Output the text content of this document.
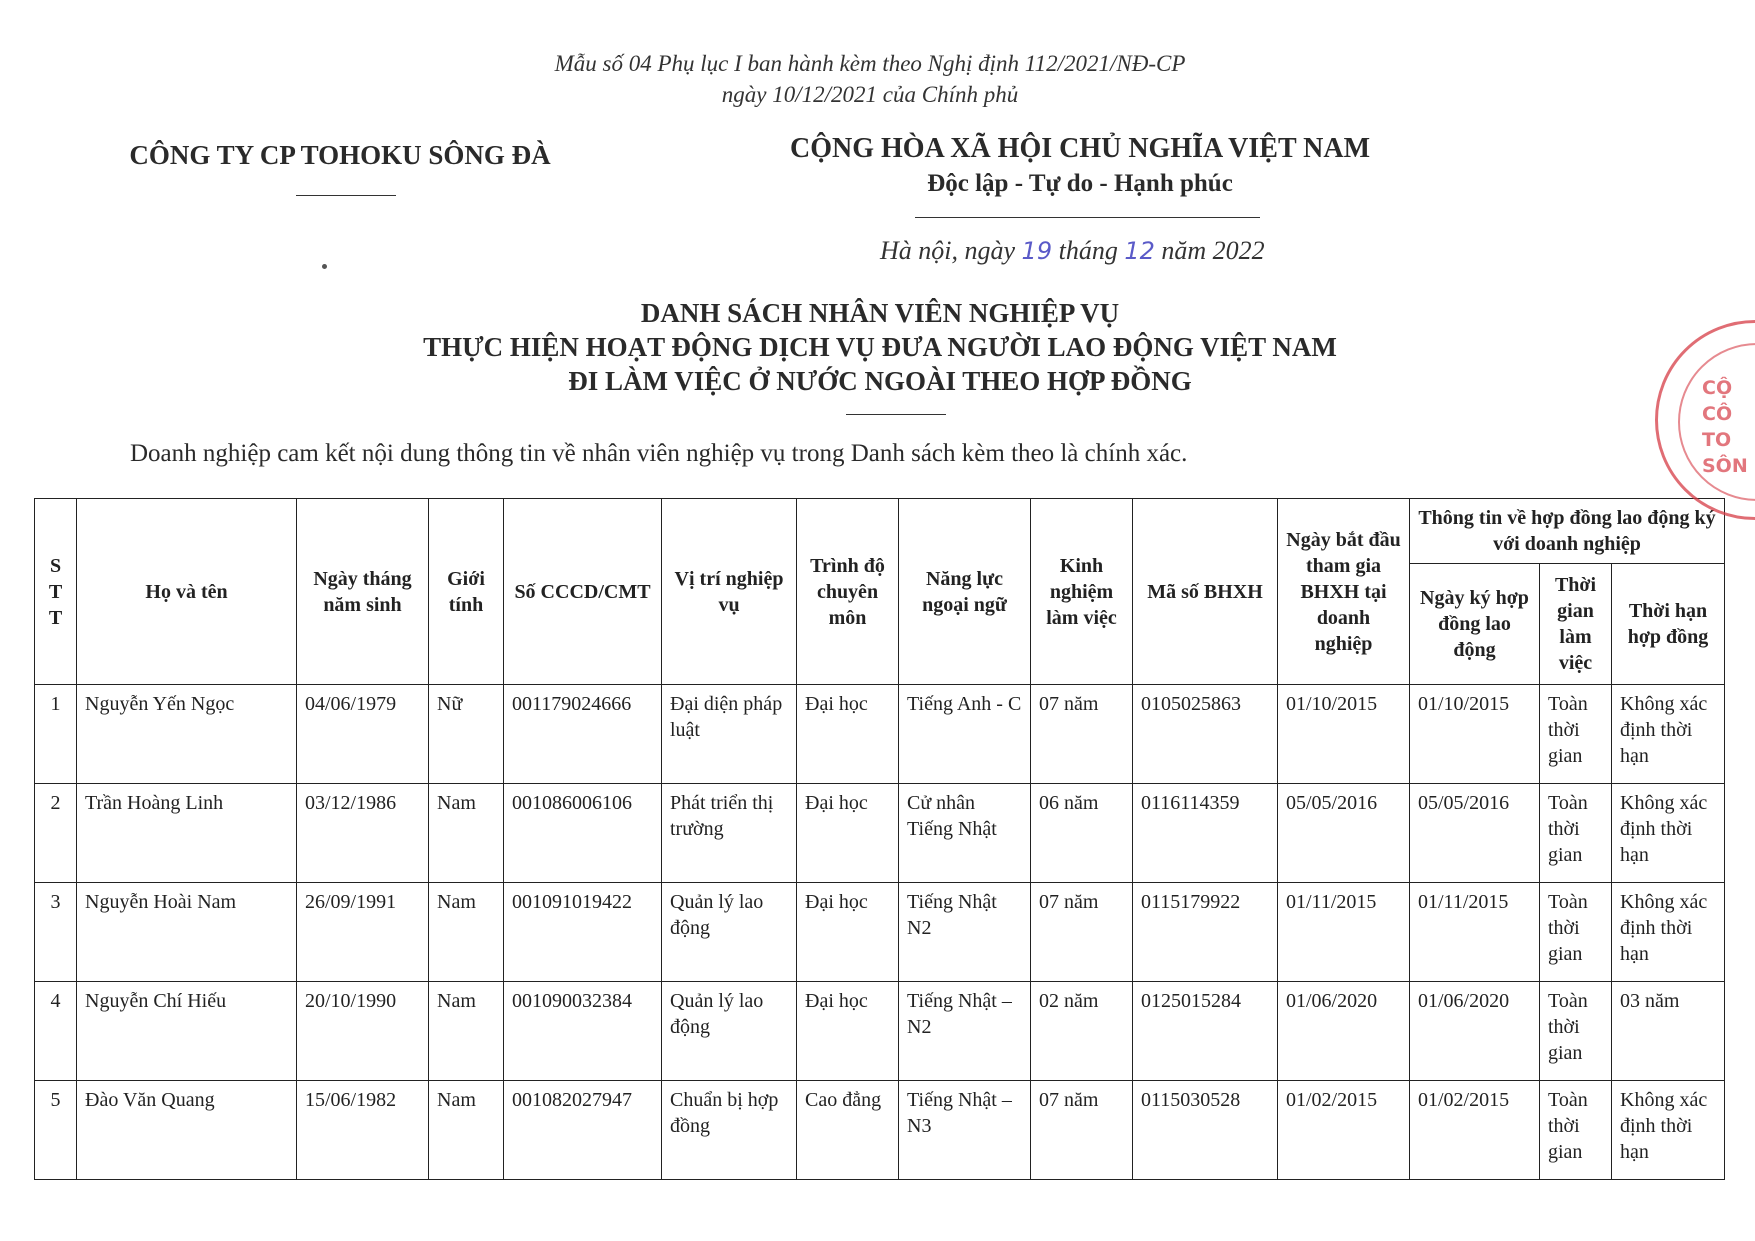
Mẫu số 04 Phụ lục I ban hành kèm theo Nghị định 112/2021/NĐ-CP
ngày 10/12/2021 của Chính phủ
CÔNG TY CP TOHOKU SÔNG ĐÀ	CỘNG HÒA XÃ HỘI CHỦ NGHĨA VIỆT NAM
Độc lập - Tự do - Hạnh phúc
Hà nội, ngày 19 tháng 12 năm 2022
DANH SÁCH NHÂN VIÊN NGHIỆP VỤ
THỰC HIỆN HOẠT ĐỘNG DỊCH VỤ ĐƯA NGƯỜI LAO ĐỘNG VIỆT NAM
ĐI LÀM VIỆC Ở NƯỚC NGOÀI THEO HỢP ĐỒNG
Doanh nghiệp cam kết nội dung thông tin về nhân viên nghiệp vụ trong Danh sách kèm theo là chính xác.
S T T	Họ và tên	Ngày tháng năm sinh	Giới tính	Số CCCD/CMT	Vị trí nghiệp vụ	Trình độ chuyên môn	Năng lực ngoại ngữ	Kinh nghiệm làm việc	Mã số BHXH	Ngày bắt đầu tham gia BHXH tại doanh nghiệp	Thông tin về hợp đồng lao động ký với doanh nghiệp		
											Ngày ký hợp đồng lao động	Thời gian làm việc	Thời hạn hợp đồng
1	Nguyễn Yến Ngọc	04/06/1979	Nữ	001179024666	Đại diện pháp luật	Đại học	Tiếng Anh - C	07 năm	0105025863	01/10/2015	01/10/2015	Toàn thời gian	Không xác định thời hạn
2	Trần Hoàng Linh	03/12/1986	Nam	001086006106	Phát triển thị trường	Đại học	Cử nhân Tiếng Nhật	06 năm	0116114359	05/05/2016	05/05/2016	Toàn thời gian	Không xác định thời hạn
3	Nguyễn Hoài Nam	26/09/1991	Nam	001091019422	Quản lý lao động	Đại học	Tiếng Nhật N2	07 năm	0115179922	01/11/2015	01/11/2015	Toàn thời gian	Không xác định thời hạn
4	Nguyễn Chí Hiếu	20/10/1990	Nam	001090032384	Quản lý lao động	Đại học	Tiếng Nhật – N2	02 năm	0125015284	01/06/2020	01/06/2020	Toàn thời gian	03 năm
5	Đào Văn Quang	15/06/1982	Nam	001082027947	Chuẩn bị hợp đồng	Cao đẳng	Tiếng Nhật – N3	07 năm	0115030528	01/02/2015	01/02/2015	Toàn thời gian	Không xác định thời hạn
CỘ
CÔ
TO
SÔN
